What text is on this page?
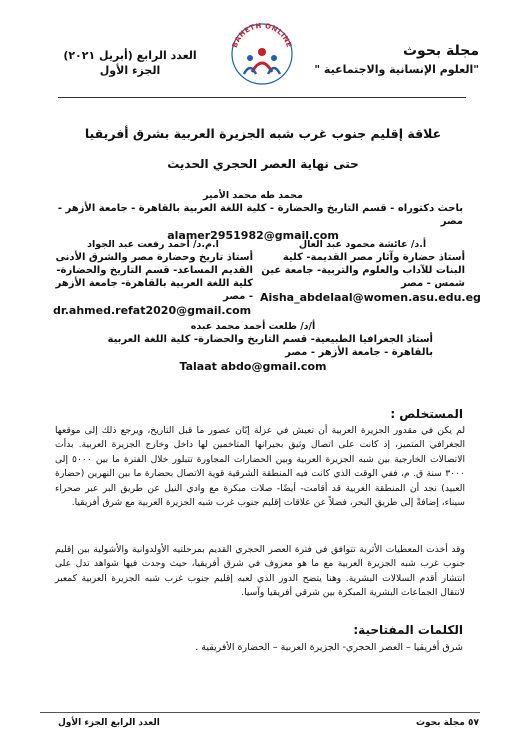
مجلة بحوث
"العلوم الإنسانية والاجتماعية "
BAHETH ONLINE
العدد الرابع (أبريل ٢٠٢١)
الجزء الأول
علاقة إقليم جنوب غرب شبه الجزيرة العربية بشرق أفريقيا
حتى نهاية العصر الحجري الحديث
محمد طه محمد الأمير
باحث دكتوراه - قسم التاريخ والحضارة - كلية اللغة العربية بالقاهرة - جامعة الأزهر - مصر
alamer2951982@gmail.com
أ.د/ عائشة محمود عبد العال
أستاذ حضارة وآثار مصر القديمة- كلية البنات للآداب والعلوم والتربية- جامعة عين شمس - مصر
Aisha_abdelaal@women.asu.edu.eg
ا.م.د/ أحمد رفعت عبد الجواد
أستاذ تاريخ وحضارة مصر والشرق الأدنى القديم المساعد- قسم التاريخ والحضارة- كلية اللغة العربية بالقاهرة- جامعة الأزهر - مصر
dr.ahmed.refat2020@gmail.com
أ/د/ طلعت أحمد محمد عبده
أستاذ الجغرافيا الطبيعية- قسم التاريخ والحضارة- كلية اللغة العربية بالقاهرة - جامعة الأزهر - مصر
Talaat abdo@gmail.com
المستخلص :
لم يكن في مقدور الجزيرة العربية أن تعيش في عزلة إبّان عصور ما قبل التاريخ، ويرجع ذلك إلى موقعها الجغرافي المتميز، إذ كانت على اتصال وثيق بجيرانها المتاخمين لها داخل وخارج الجزيرة العربية. بدأت الاتصالات الخارجية بين شبه الجزيرة العربية وبين الحضارات المجاورة تتبلور خلال الفترة ما بين ٥٠٠٠ إلى ٣٠٠٠ سنة ق. م، ففي الوقت الذي كانت فيه المنطقة الشرقية قوية الاتصال بحضارة ما بين النهرين (حضارة العبيد) نجد أن المنطقة الغربية قد أقامت- أيضًا- صلات مبكرة مع وادي النيل عن طريق البر عبر صحراء سيناء، إضافةً إلى طريق البحر، فضلاً عن علاقات إقليم جنوب غرب شبه الجزيرة العربية مع شرق أفريقيا.
وقد أخذت المعطيات الأثرية تتوافق في فترة العصر الحجري القديم بمرحلتيه الأولدوانية والأشولية بين إقليم جنوب غرب شبه الجزيرة العربية مع ما هو معروف في شرق أفريقيا، حيث وجدت فيها شواهد تدل على انتشار أقدم السلالات البشرية. وهنا يتضح الدور الذي لعبه إقليم جنوب غرب شبه الجزيرة العربية كمعبر لانتقال الجماعات البشرية المبكرة بين شرقي أفريقيا وآسيا.
الكلمات المفتاحية:
شرق أفريقيا – العصر الحجري- الجزيرة العربية – الحضارة الأفريقية .
٥٧ مجلة بحوث
العدد الرابع الجزء الأول
